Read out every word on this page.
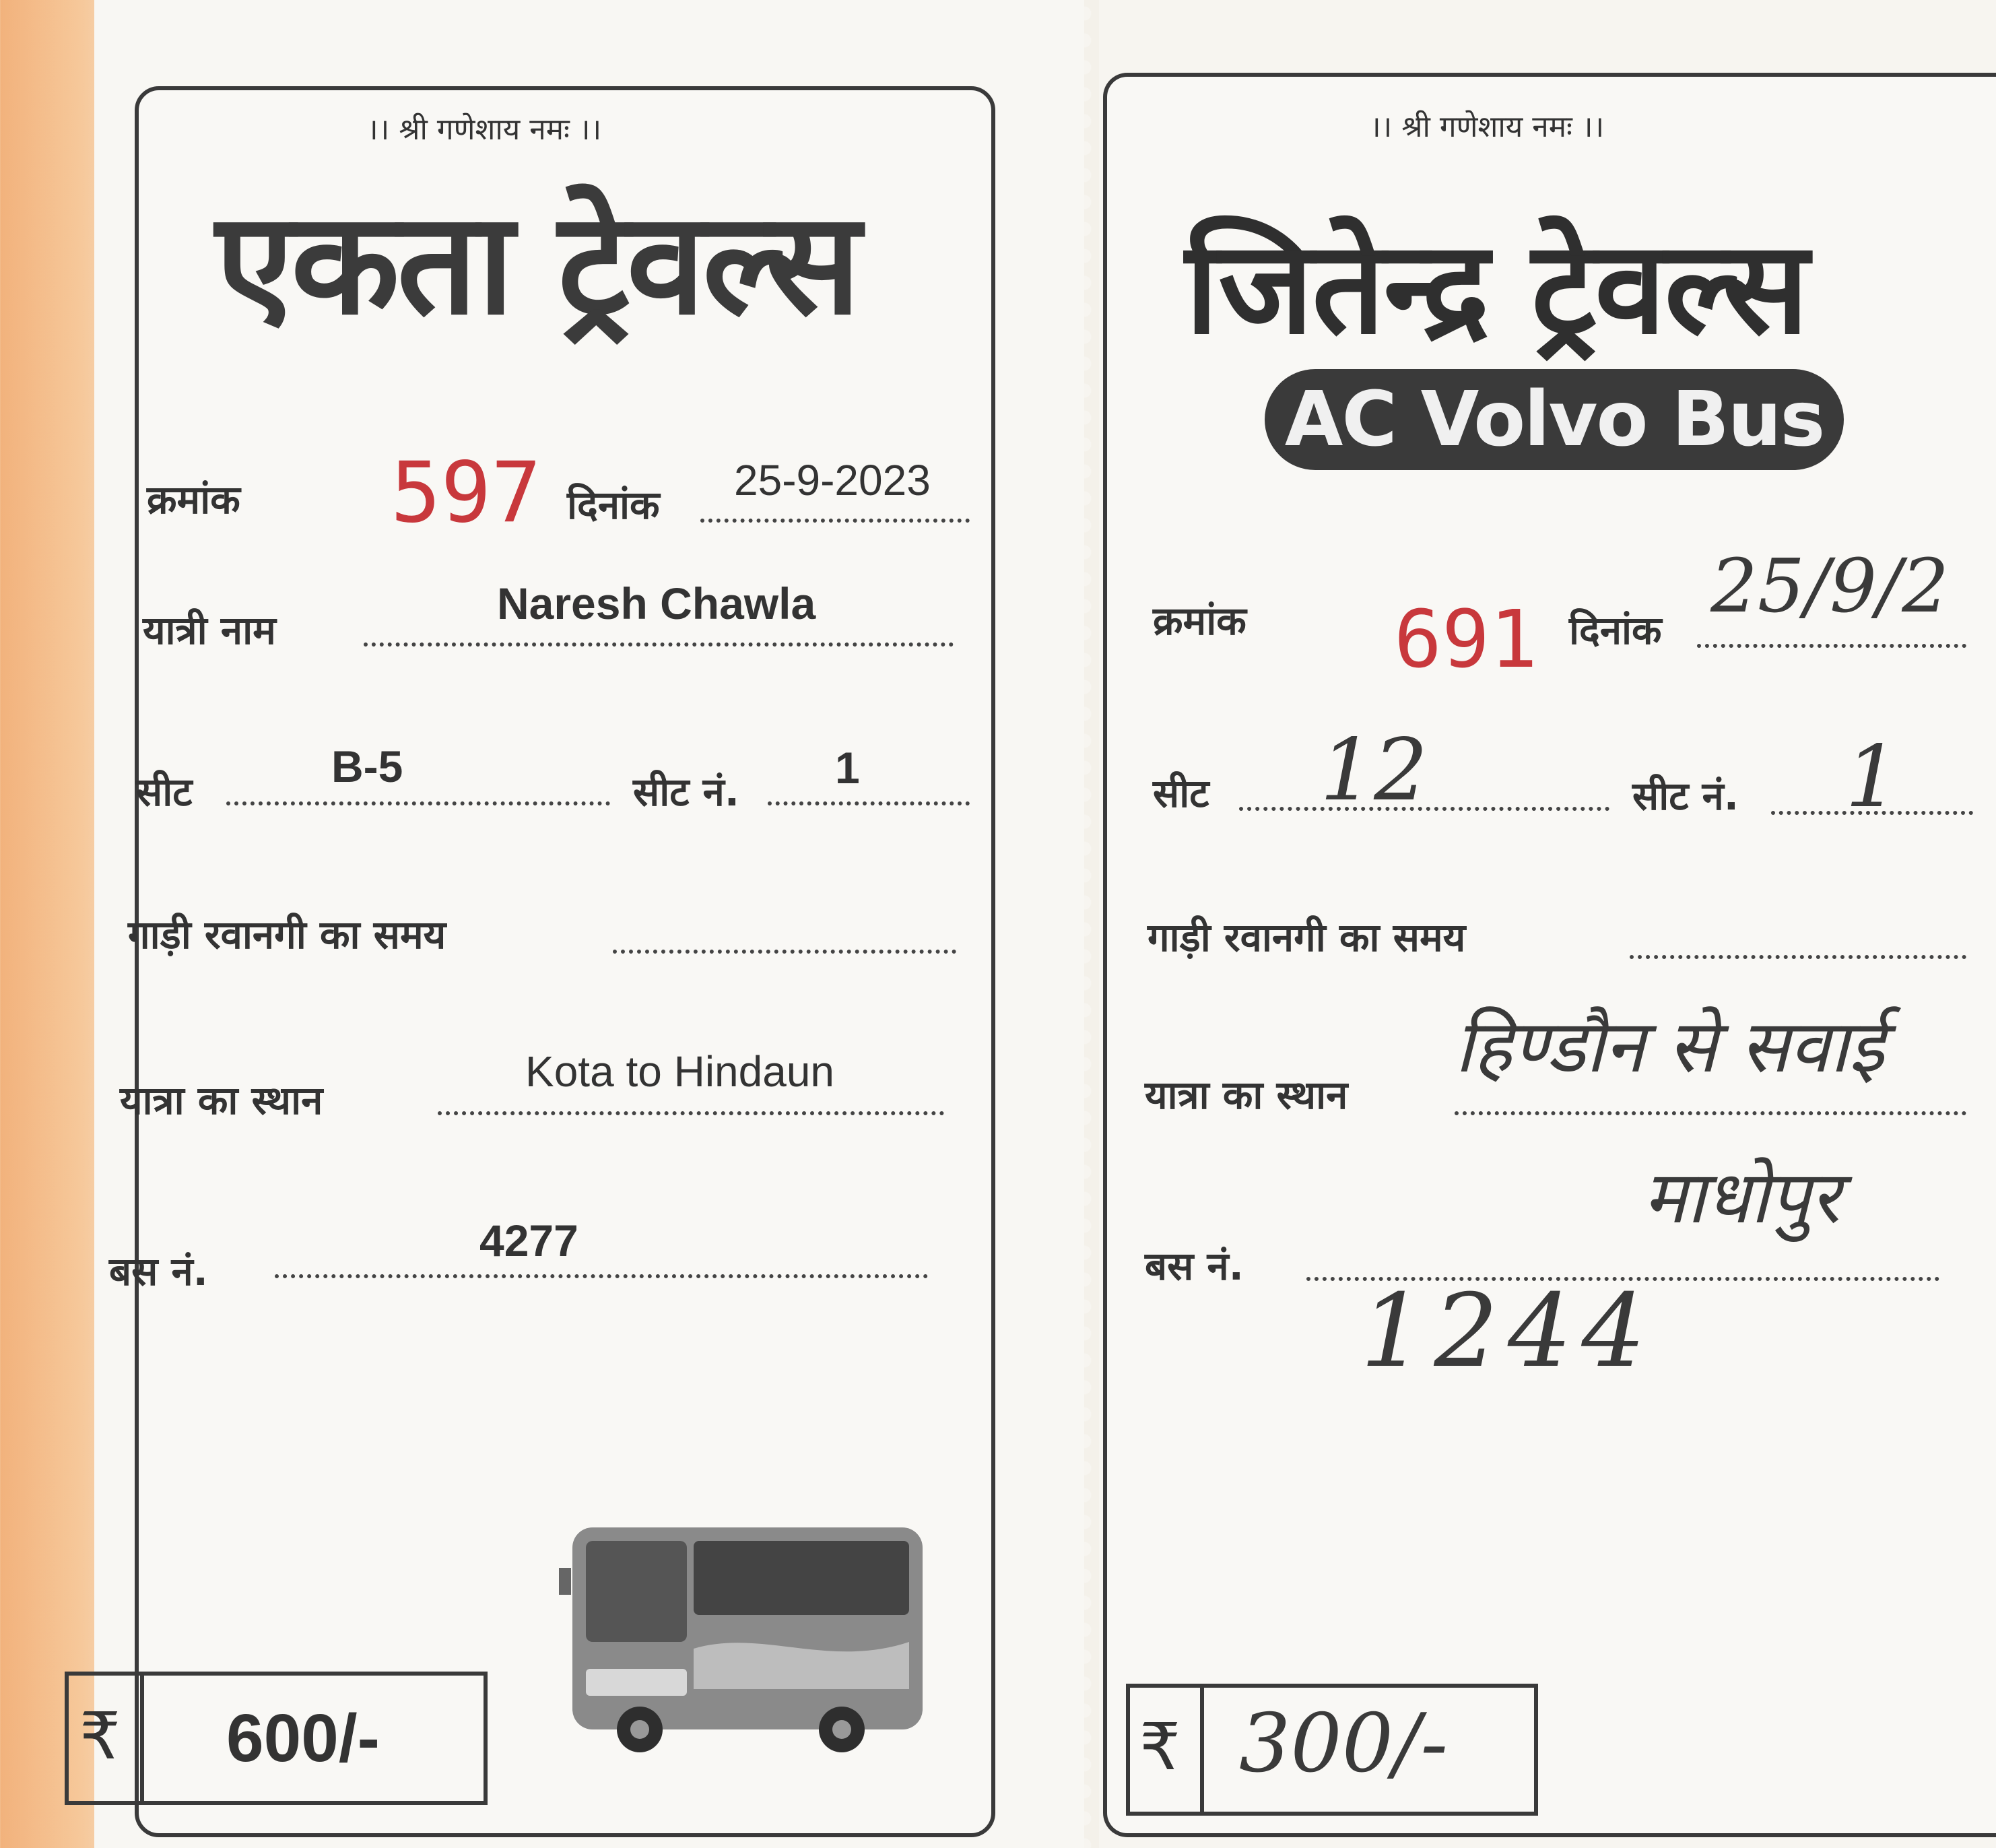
।। श्री गणेशाय नमः ।।
एकता ट्रेवल्स
क्रमांक 597 दिनांक
25-9-2023
यात्री नाम
Naresh Chawla
सीट
B-5
सीट नं. 1
गाड़ी रवानगी का समय
यात्रा का स्थान
Kota to Hindaun
बस नं.
4277
₹ 600/-
।। श्री गणेशाय नमः ।।
जितेन्द्र ट्रेवल्स
AC Volvo Bus
क्रमांक 691 दिनांक
25/9/2
सीट 12	सीट नं. 1
गाड़ी रवानगी का समय
यात्रा का स्थान
हिण्डौन से सवाई
माधोपुर
बस नं.
1244
₹ 300/-
